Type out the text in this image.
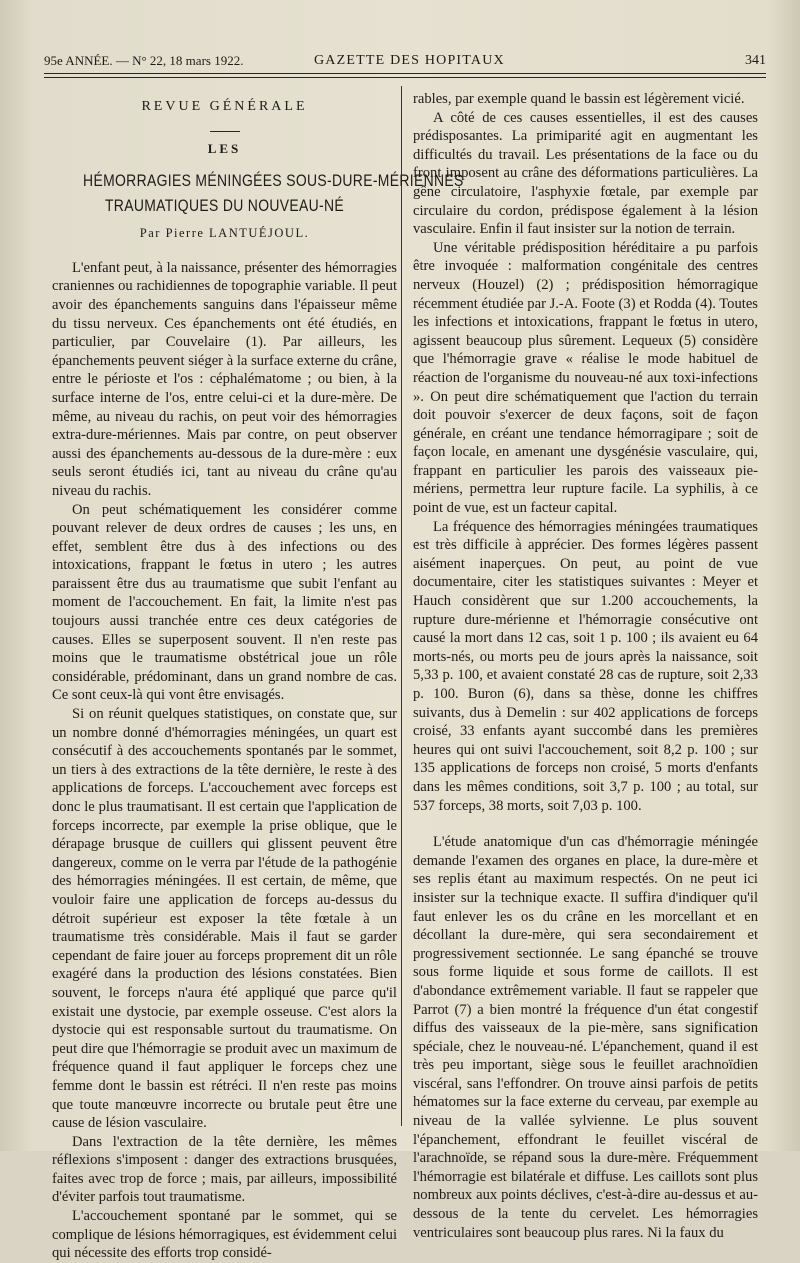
95e ANNÉE. — N° 22, 18 mars 1922.	GAZETTE DES HOPITAUX	341
REVUE GÉNÉRALE
LES
HÉMORRAGIES MÉNINGÉES SOUS-DURE-MÉRIENNES
TRAUMATIQUES DU NOUVEAU-NÉ
Par Pierre LANTUÉJOUL.

L'enfant peut, à la naissance, présenter des hémorragies craniennes ou rachidiennes de topographie variable. Il peut avoir des épanchements sanguins dans l'épaisseur même du tissu nerveux. Ces épanchements ont été étudiés, en particulier, par Couvelaire (1). Par ailleurs, les épanchements peuvent siéger à la surface externe du crâne, entre le périoste et l'os : céphalématome ; ou bien, à la surface interne de l'os, entre celui-ci et la dure-mère. De même, au niveau du rachis, on peut voir des hémorragies extra-dure-mériennes. Mais par contre, on peut observer aussi des épanchements au-dessous de la dure-mère : eux seuls seront étudiés ici, tant au niveau du crâne qu'au niveau du rachis.

On peut schématiquement les considérer comme pouvant relever de deux ordres de causes ; les uns, en effet, semblent être dus à des infections ou des intoxications, frappant le fœtus in utero ; les autres paraissent être dus au traumatisme que subit l'enfant au moment de l'accouchement. En fait, la limite n'est pas toujours aussi tranchée entre ces deux catégories de causes. Elles se superposent souvent. Il n'en reste pas moins que le traumatisme obstétrical joue un rôle considérable, prédominant, dans un grand nombre de cas. Ce sont ceux-là qui vont être envisagés.

Si on réunit quelques statistiques, on constate que, sur un nombre donné d'hémorragies méningées, un quart est consécutif à des accouchements spontanés par le sommet, un tiers à des extractions de la tête dernière, le reste à des applications de forceps. L'accouchement avec forceps est donc le plus traumatisant. Il est certain que l'application de forceps incorrecte, par exemple la prise oblique, que le dérapage brusque de cuillers qui glissent peuvent être dangereux, comme on le verra par l'étude de la pathogénie des hémorragies méningées. Il est certain, de même, que vouloir faire une application de forceps au-dessus du détroit supérieur est exposer la tête fœtale à un traumatisme très considérable. Mais il faut se garder cependant de faire jouer au forceps proprement dit un rôle exagéré dans la production des lésions constatées. Bien souvent, le forceps n'aura été appliqué que parce qu'il existait une dystocie, par exemple osseuse. C'est alors la dystocie qui est responsable surtout du traumatisme. On peut dire que l'hémorragie se produit avec un maximum de fréquence quand il faut appliquer le forceps chez une femme dont le bassin est rétréci. Il n'en reste pas moins que toute manœuvre incorrecte ou brutale peut être une cause de lésion vasculaire.

Dans l'extraction de la tête dernière, les mêmes réflexions s'imposent : danger des extractions brusquées, faites avec trop de force ; mais, par ailleurs, impossibilité d'éviter parfois tout traumatisme.

L'accouchement spontané par le sommet, qui se complique de lésions hémorragiques, est évidemment celui qui nécessite des efforts trop considé-

rables, par exemple quand le bassin est légèrement vicié.

A côté de ces causes essentielles, il est des causes prédisposantes. La primiparité agit en augmentant les difficultés du travail. Les présentations de la face ou du front imposent au crâne des déformations particulières. La gêne circulatoire, l'asphyxie fœtale, par exemple par circulaire du cordon, prédispose également à la lésion vasculaire. Enfin il faut insister sur la notion de terrain.

Une véritable prédisposition héréditaire a pu parfois être invoquée : malformation congénitale des centres nerveux (Houzel) (2) ; prédisposition hémorragique récemment étudiée par J.-A. Foote (3) et Rodda (4). Toutes les infections et intoxications, frappant le fœtus in utero, agissent beaucoup plus sûrement. Lequeux (5) considère que l'hémorragie grave « réalise le mode habituel de réaction de l'organisme du nouveau-né aux toxi-infections ». On peut dire schématiquement que l'action du terrain doit pouvoir s'exercer de deux façons, soit de façon générale, en créant une tendance hémorragipare ; soit de façon locale, en amenant une dysgénésie vasculaire, qui, frappant en particulier les parois des vaisseaux pie-mériens, permettra leur rupture facile. La syphilis, à ce point de vue, est un facteur capital.

La fréquence des hémorragies méningées traumatiques est très difficile à apprécier. Des formes légères passent aisément inaperçues. On peut, au point de vue documentaire, citer les statistiques suivantes : Meyer et Hauch considèrent que sur 1.200 accouchements, la rupture dure-mérienne et l'hémorragie consécutive ont causé la mort dans 12 cas, soit 1 p. 100 ; ils avaient eu 64 morts-nés, ou morts peu de jours après la naissance, soit 5,33 p. 100, et avaient constaté 28 cas de rupture, soit 2,33 p. 100. Buron (6), dans sa thèse, donne les chiffres suivants, dus à Demelin : sur 402 applications de forceps croisé, 33 enfants ayant succombé dans les premières heures qui ont suivi l'accouchement, soit 8,2 p. 100 ; sur 135 applications de forceps non croisé, 5 morts d'enfants dans les mêmes conditions, soit 3,7 p. 100 ; au total, sur 537 forceps, 38 morts, soit 7,03 p. 100.

L'étude anatomique d'un cas d'hémorragie méningée demande l'examen des organes en place, la dure-mère et ses replis étant au maximum respectés. On ne peut ici insister sur la technique exacte. Il suffira d'indiquer qu'il faut enlever les os du crâne en les morcellant et en décollant la dure-mère, qui sera secondairement et progressivement sectionnée. Le sang épanché se trouve sous forme liquide et sous forme de caillots. Il est d'abondance extrêmement variable. Il faut se rappeler que Parrot (7) a bien montré la fréquence d'un état congestif diffus des vaisseaux de la pie-mère, sans signification spéciale, chez le nouveau-né. L'épanchement, quand il est très peu important, siège sous le feuillet arachnoïdien viscéral, sans l'effondrer. On trouve ainsi parfois de petits hématomes sur la face externe du cerveau, par exemple au niveau de la vallée sylvienne. Le plus souvent l'épanchement, effondrant le feuillet viscéral de l'arachnoïde, se répand sous la dure-mère. Fréquemment l'hémorragie est bilatérale et diffuse. Les caillots sont plus nombreux aux points déclives, c'est-à-dire au-dessus et au-dessous de la tente du cervelet. Les hémorragies ventriculaires sont beaucoup plus rares. Ni la faux du
